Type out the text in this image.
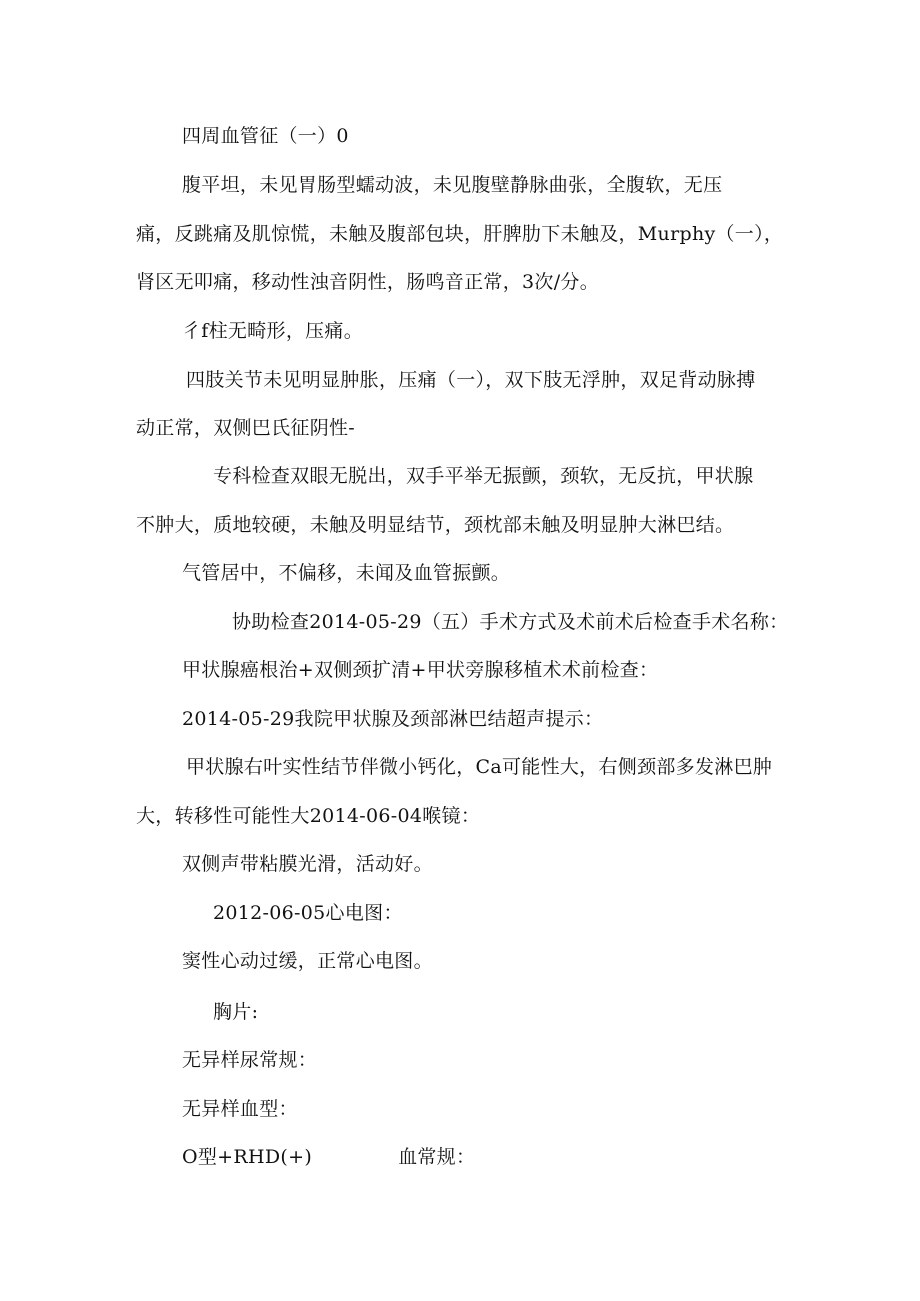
四周血管征（一）0
腹平坦，未见胃肠型蠕动波，未见腹壁静脉曲张，全腹软，无压
痛，反跳痛及肌惊慌，未触及腹部包块，肝脾肋下未触及，Murphy（一），
肾区无叩痛，移动性浊音阴性，肠鸣音正常，3次/分。
彳f柱无畸形，压痛。
四肢关节未见明显肿胀，压痛（一），双下肢无浮肿，双足背动脉搏
动正常，双侧巴氏征阴性-
专科检查双眼无脱出，双手平举无振颤，颈软，无反抗，甲状腺
不肿大，质地较硬，未触及明显结节，颈枕部未触及明显肿大淋巴结。
气管居中，不偏移，未闻及血管振颤。
协助检查2014-05-29（五）手术方式及术前术后检查手术名称：
甲状腺癌根治+双侧颈扩清+甲状旁腺移植术术前检查：
2014-05-29我院甲状腺及颈部淋巴结超声提示：
甲状腺右叶实性结节伴微小钙化，Ca可能性大，右侧颈部多发淋巴肿
大，转移性可能性大2014-06-04喉镜：
双侧声带粘膜光滑，活动好。
2012-06-05心电图：
窦性心动过缓，正常心电图。
胸片:
无异样尿常规：
无异样血型：
O型+RHD(+)	血常规：
